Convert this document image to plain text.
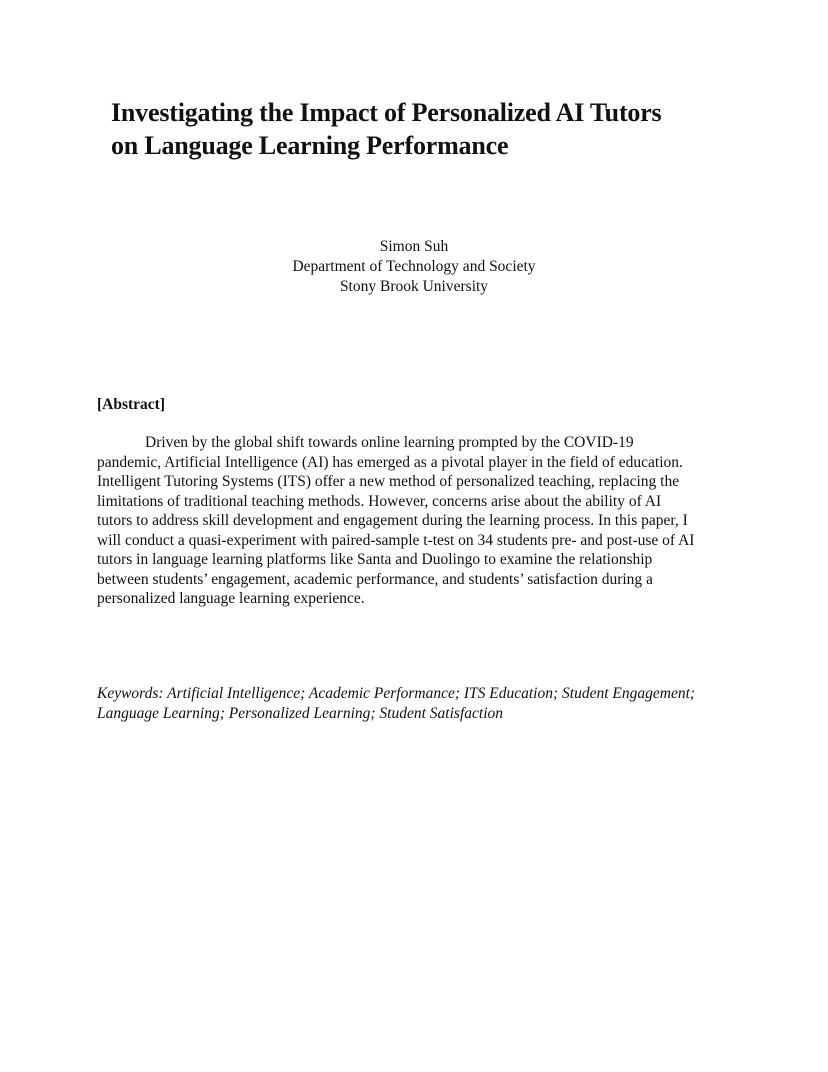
Investigating the Impact of Personalized AI Tutors
on Language Learning Performance
Simon Suh
Department of Technology and Society
Stony Brook University
[Abstract]
Driven by the global shift towards online learning prompted by the COVID-19
pandemic, Artificial Intelligence (AI) has emerged as a pivotal player in the field of education.
Intelligent Tutoring Systems (ITS) offer a new method of personalized teaching, replacing the
limitations of traditional teaching methods. However, concerns arise about the ability of AI
tutors to address skill development and engagement during the learning process. In this paper, I
will conduct a quasi-experiment with paired-sample t-test on 34 students pre- and post-use of AI
tutors in language learning platforms like Santa and Duolingo to examine the relationship
between students’ engagement, academic performance, and students’ satisfaction during a
personalized language learning experience.
Keywords: Artificial Intelligence; Academic Performance; ITS Education; Student Engagement;
Language Learning; Personalized Learning; Student Satisfaction
